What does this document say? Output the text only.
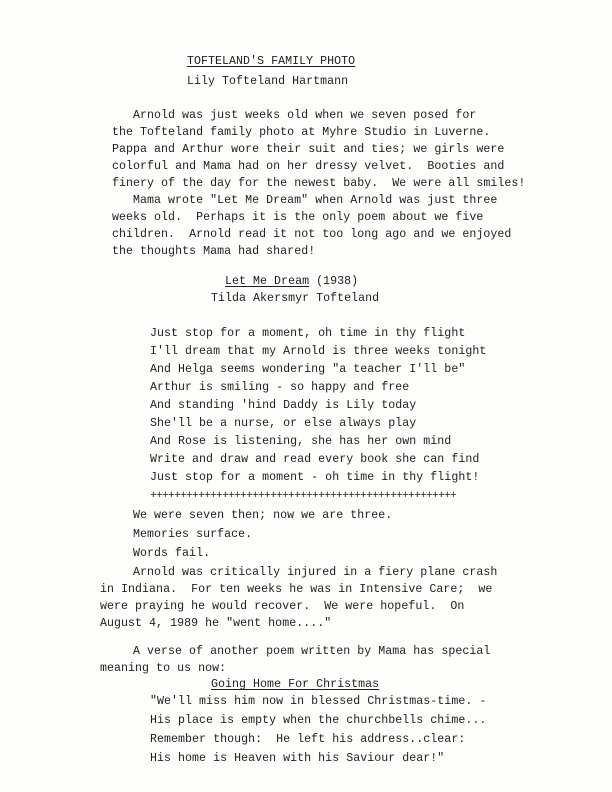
TOFTELAND'S FAMILY PHOTO
Lily Tofteland Hartmann
Arnold was just weeks old when we seven posed for
the Tofteland family photo at Myhre Studio in Luverne.
Pappa and Arthur wore their suit and ties; we girls were
colorful and Mama had on her dressy velvet.  Booties and
finery of the day for the newest baby.  We were all smiles!
Mama wrote "Let Me Dream" when Arnold was just three
weeks old.  Perhaps it is the only poem about we five
children.  Arnold read it not too long ago and we enjoyed
the thoughts Mama had shared!
Let Me Dream (1938)
Tilda Akersmyr Tofteland
Just stop for a moment, oh time in thy flight
I'll dream that my Arnold is three weeks tonight
And Helga seems wondering "a teacher I'll be"
Arthur is smiling - so happy and free
And standing 'hind Daddy is Lily today
She'll be a nurse, or else always play
And Rose is listening, she has her own mind
Write and draw and read every book she can find
Just stop for a moment - oh time in thy flight!
+++++++++++++++++++++++++++++++++++++++++++++++++++
We were seven then; now we are three.
Memories surface.
Words fail.
Arnold was critically injured in a fiery plane crash
in Indiana.  For ten weeks he was in Intensive Care;  we
were praying he would recover.  We were hopeful.  On
August 4, 1989 he "went home...."
A verse of another poem written by Mama has special
meaning to us now:
Going Home For Christmas
"We'll miss him now in blessed Christmas-time. -
His place is empty when the churchbells chime...
Remember though:  He left his address..clear:
His home is Heaven with his Saviour dear!"
